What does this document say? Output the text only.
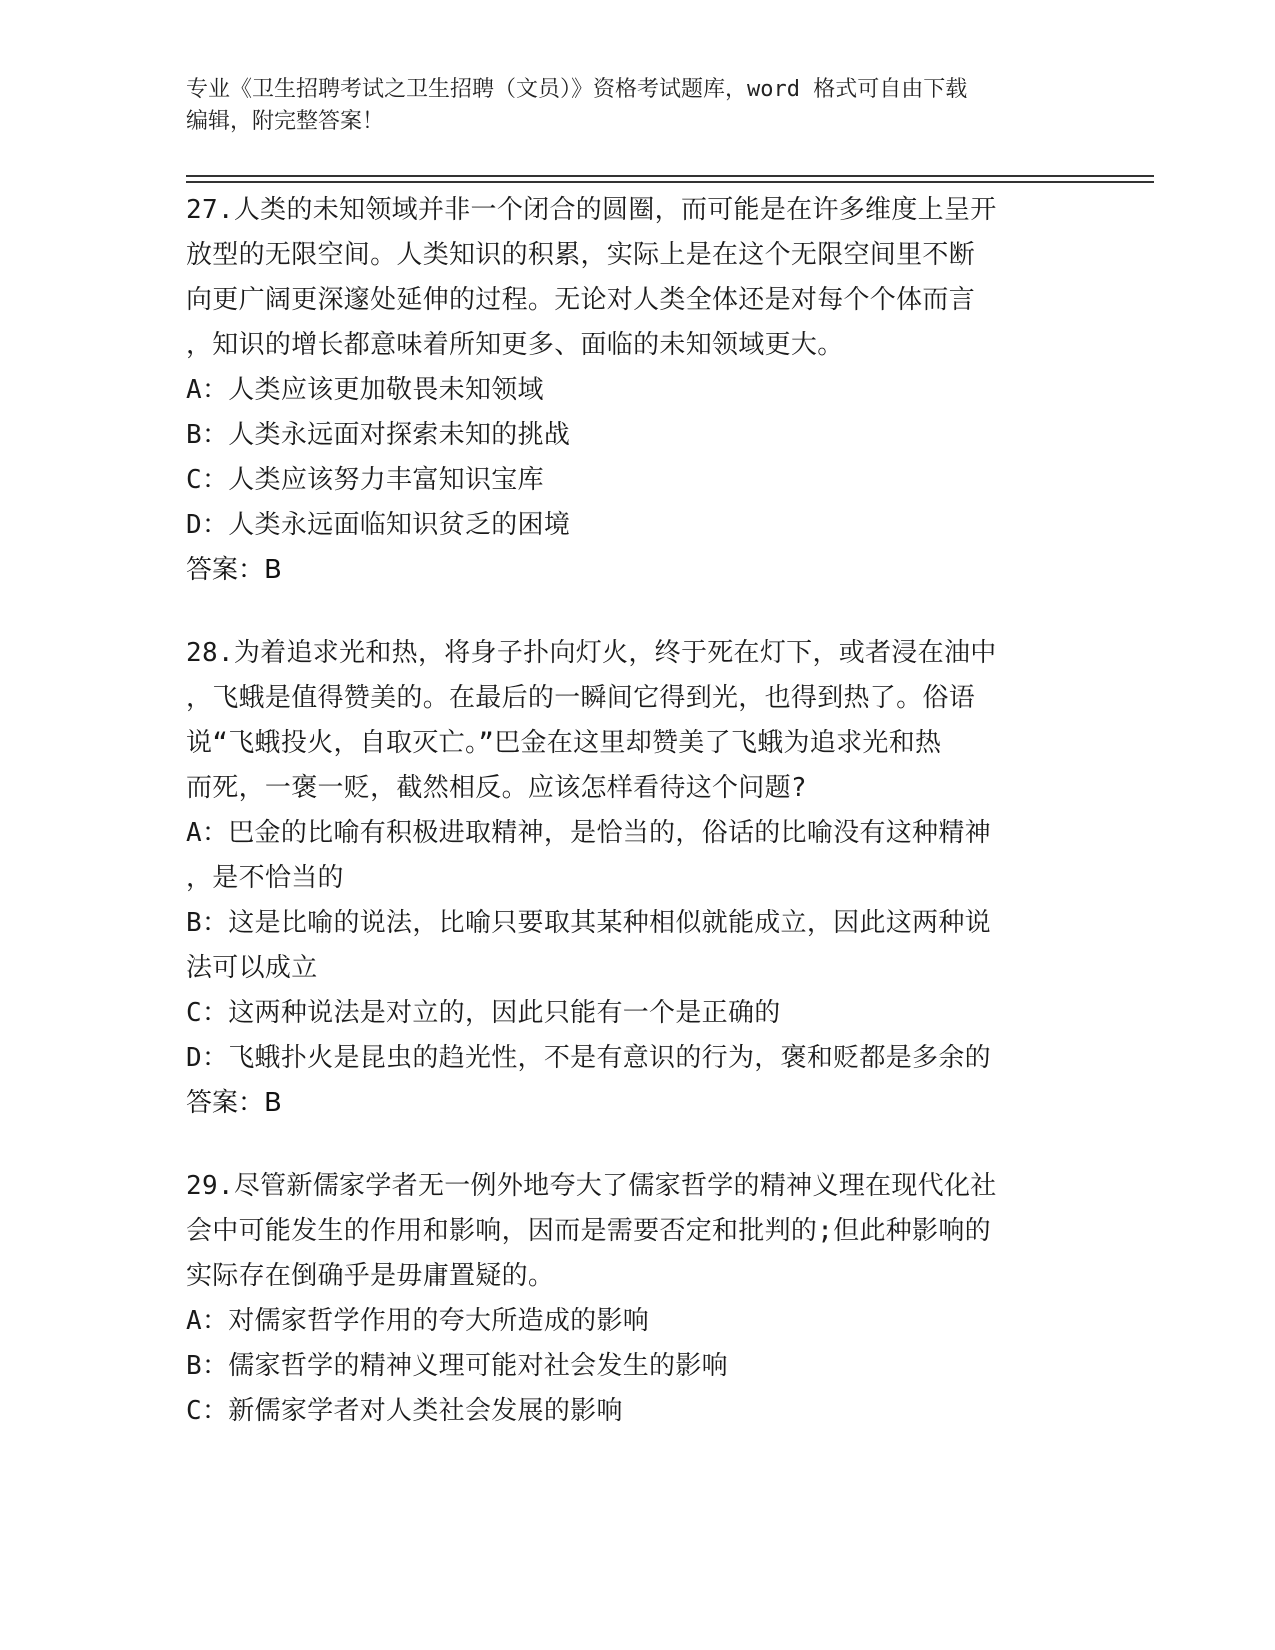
专业《卫生招聘考试之卫生招聘（文员）》资格考试题库，word 格式可自由下载
编辑，附完整答案！
27.人类的未知领域并非一个闭合的圆圈，而可能是在许多维度上呈开
放型的无限空间。人类知识的积累，实际上是在这个无限空间里不断
向更广阔更深邃处延伸的过程。无论对人类全体还是对每个个体而言
，知识的增长都意味着所知更多、面临的未知领域更大。
A：人类应该更加敬畏未知领域
B：人类永远面对探索未知的挑战
C：人类应该努力丰富知识宝库
D：人类永远面临知识贫乏的困境
答案：B
28.为着追求光和热，将身子扑向灯火，终于死在灯下，或者浸在油中
，飞蛾是值得赞美的。在最后的一瞬间它得到光，也得到热了。俗语
说“飞蛾投火，自取灭亡。”巴金在这里却赞美了飞蛾为追求光和热
而死，一褒一贬，截然相反。应该怎样看待这个问题?
A：巴金的比喻有积极进取精神，是恰当的，俗话的比喻没有这种精神
，是不恰当的
B：这是比喻的说法，比喻只要取其某种相似就能成立，因此这两种说
法可以成立
C：这两种说法是对立的，因此只能有一个是正确的
D：飞蛾扑火是昆虫的趋光性，不是有意识的行为，褒和贬都是多余的
答案：B
29.尽管新儒家学者无一例外地夸大了儒家哲学的精神义理在现代化社
会中可能发生的作用和影响，因而是需要否定和批判的;但此种影响的
实际存在倒确乎是毋庸置疑的。
A：对儒家哲学作用的夸大所造成的影响
B：儒家哲学的精神义理可能对社会发生的影响
C：新儒家学者对人类社会发展的影响
